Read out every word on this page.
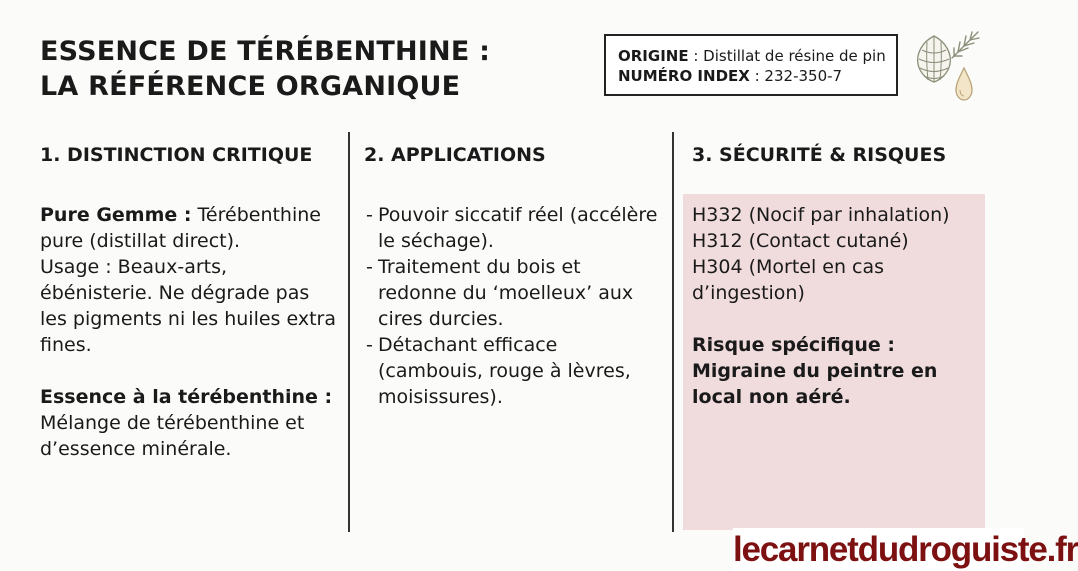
ESSENCE DE TÉRÉBENTHINE :
LA RÉFÉRENCE ORGANIQUE
ORIGINE : Distillat de résine de pin
NUMÉRO INDEX : 232-350-7
1. DISTINCTION CRITIQUE

Pure Gemme : Térébenthine pure (distillat direct).

Usage : Beaux-arts, ébénisterie. Ne dégrade pas les pigments ni les huiles extra fines.

Essence à la térébenthine :

Mélange de térébenthine et d’essence minérale.

2. APPLICATIONS
- Pouvoir siccatif réel (accélère le séchage).
- Traitement du bois et redonne du ‘moelleux’ aux cires durcies.
- Détachant efficace (cambouis, rouge à lèvres, moisissures).
3. SÉCURITÉ & RISQUES

H332 (Nocif par inhalation)

H312 (Contact cutané)

H304 (Mortel en cas d’ingestion)

Risque spécifique : Migraine du peintre en local non aéré.

lecarnetdudroguiste.fr
